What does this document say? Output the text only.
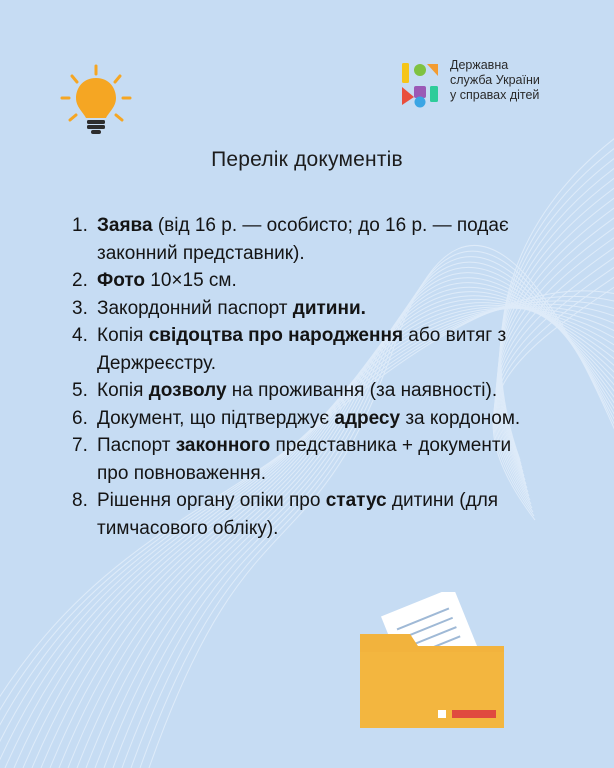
Державна
служба України
у справах дітей
Перелік документів
1. Заява (від 16 р. — особисто; до 16 р. — подає законний представник).
2. Фото 10×15 см.
3. Закордонний паспорт дитини.
4. Копія свідоцтва про народження або витяг з Держреєстру.
5. Копія дозволу на проживання (за наявності).
6. Документ, що підтверджує адресу за кордоном.
7. Паспорт законного представника + документи про повноваження.
8. Рішення органу опіки про статус дитини (для тимчасового обліку).
